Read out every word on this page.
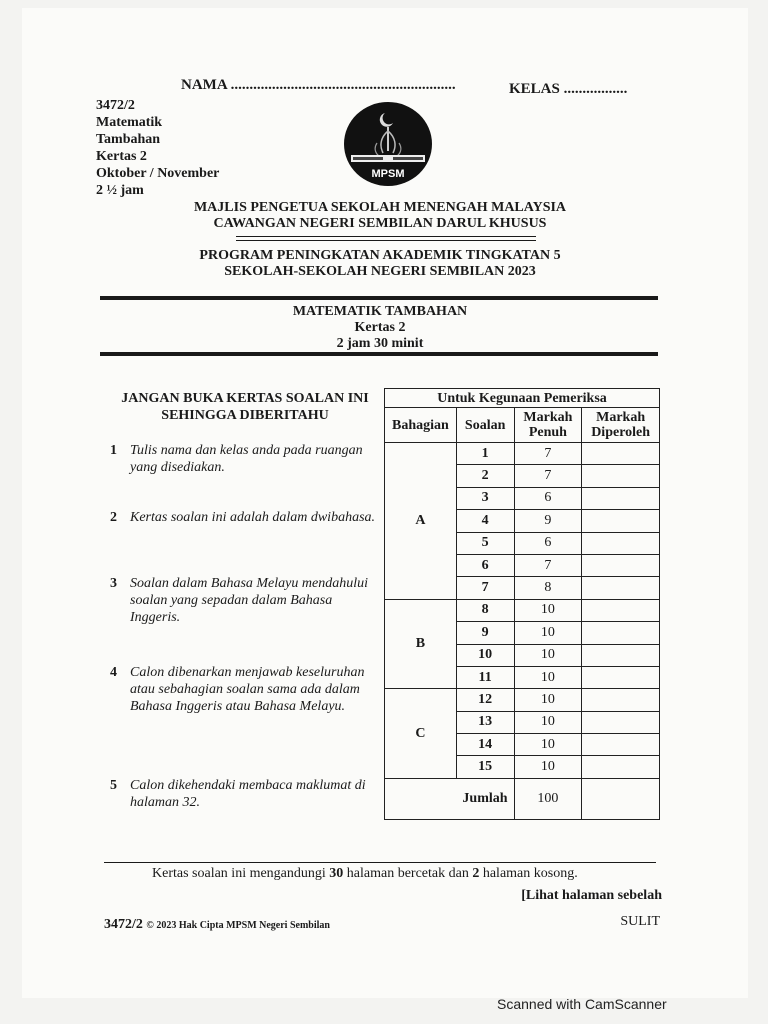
NAMA ............................................................	KELAS .................
3472/2
Matematik
Tambahan
Kertas 2
Oktober / November
2 ½ jam
MPSM
MAJLIS PENGETUA SEKOLAH MENENGAH MALAYSIA
CAWANGAN NEGERI SEMBILAN DARUL KHUSUS
PROGRAM PENINGKATAN AKADEMIK TINGKATAN 5
SEKOLAH-SEKOLAH NEGERI SEMBILAN 2023
MATEMATIK TAMBAHAN
Kertas 2
2 jam 30 minit
JANGAN BUKA KERTAS SOALAN INI SEHINGGA DIBERITAHU
1 Tulis nama dan kelas anda pada ruangan yang disediakan.
2 Kertas soalan ini adalah dalam dwibahasa.
3 Soalan dalam Bahasa Melayu mendahului soalan yang sepadan dalam Bahasa Inggeris.
4 Calon dibenarkan menjawab keseluruhan atau sebahagian soalan sama ada dalam Bahasa Inggeris atau Bahasa Melayu.
5 Calon dikehendaki membaca maklumat di halaman 32.
Untuk Kegunaan Pemeriksa			
Bahagian	Soalan	Markah Penuh	Markah Diperoleh
A	1	7	
	2	7	
	3	6	
	4	9	
	5	6	
	6	7	
	7	8	
B	8	10	
	9	10	
	10	10	
	11	10	
C	12	10	
	13	10	
	14	10	
	15	10	
Jumlah		100	
Kertas soalan ini mengandungi 30 halaman bercetak dan 2 halaman kosong.
[Lihat halaman sebelah
3472/2 © 2023 Hak Cipta MPSM Negeri Sembilan	SULIT
Scanned with CamScanner
